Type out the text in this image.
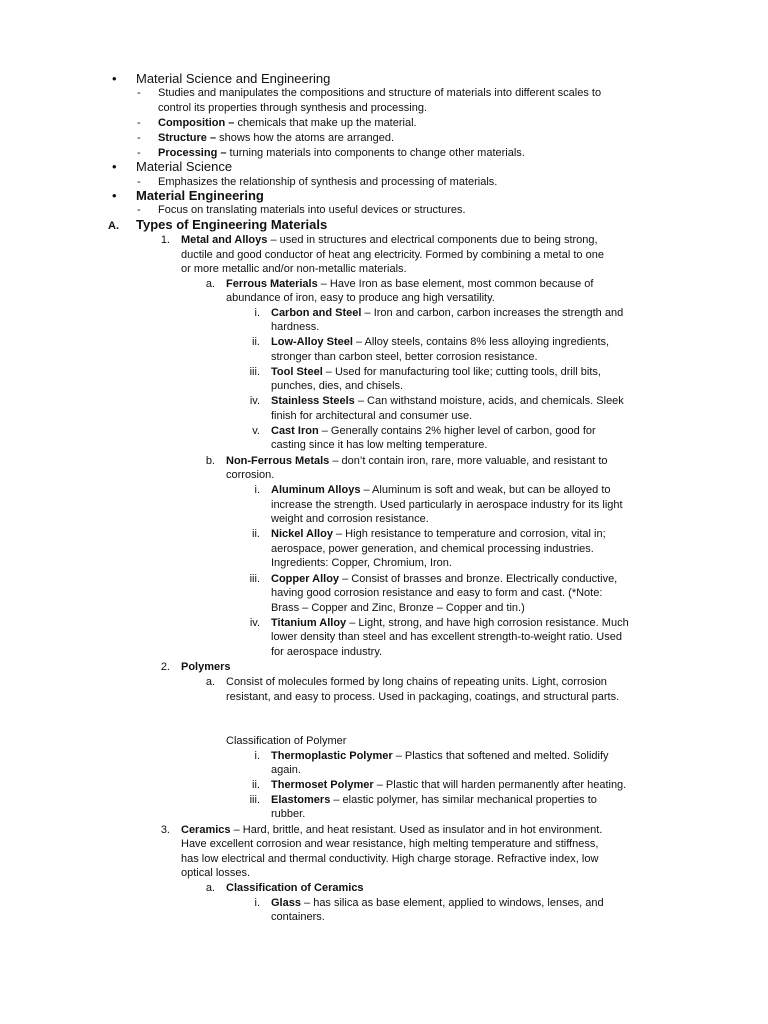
• Material Science and Engineering
- Studies and manipulates the compositions and structure of materials into different scales to
control its properties through synthesis and processing.
- Composition – chemicals that make up the material.
- Structure – shows how the atoms are arranged.
- Processing – turning materials into components to change other materials.
• Material Science
- Emphasizes the relationship of synthesis and processing of materials.
• Material Engineering
- Focus on translating materials into useful devices or structures.
A. Types of Engineering Materials
1. Metal and Alloys – used in structures and electrical components due to being strong,
ductile and good conductor of heat ang electricity. Formed by combining a metal to one
or more metallic and/or non-metallic materials.
a. Ferrous Materials – Have Iron as base element, most common because of
abundance of iron, easy to produce ang high versatility.
i. Carbon and Steel – Iron and carbon, carbon increases the strength and
hardness.
ii. Low-Alloy Steel – Alloy steels, contains 8% less alloying ingredients,
stronger than carbon steel, better corrosion resistance.
iii. Tool Steel – Used for manufacturing tool like; cutting tools, drill bits,
punches, dies, and chisels.
iv. Stainless Steels – Can withstand moisture, acids, and chemicals. Sleek
finish for architectural and consumer use.
v. Cast Iron – Generally contains 2% higher level of carbon, good for
casting since it has low melting temperature.
b. Non-Ferrous Metals – don’t contain iron, rare, more valuable, and resistant to
corrosion.
i. Aluminum Alloys – Aluminum is soft and weak, but can be alloyed to
increase the strength. Used particularly in aerospace industry for its light
weight and corrosion resistance.
ii. Nickel Alloy – High resistance to temperature and corrosion, vital in;
aerospace, power generation, and chemical processing industries.
Ingredients: Copper, Chromium, Iron.
iii. Copper Alloy – Consist of brasses and bronze. Electrically conductive,
having good corrosion resistance and easy to form and cast. (*Note:
Brass – Copper and Zinc, Bronze – Copper and tin.)
iv. Titanium Alloy – Light, strong, and have high corrosion resistance. Much
lower density than steel and has excellent strength-to-weight ratio. Used
for aerospace industry.
2. Polymers
a. Consist of molecules formed by long chains of repeating units. Light, corrosion
resistant, and easy to process. Used in packaging, coatings, and structural parts.
Classification of Polymer
i. Thermoplastic Polymer – Plastics that softened and melted. Solidify
again.
ii. Thermoset Polymer – Plastic that will harden permanently after heating.
iii. Elastomers – elastic polymer, has similar mechanical properties to
rubber.
3. Ceramics – Hard, brittle, and heat resistant. Used as insulator and in hot environment.
Have excellent corrosion and wear resistance, high melting temperature and stiffness,
has low electrical and thermal conductivity. High charge storage. Refractive index, low
optical losses.
a. Classification of Ceramics
i. Glass – has silica as base element, applied to windows, lenses, and
containers.
